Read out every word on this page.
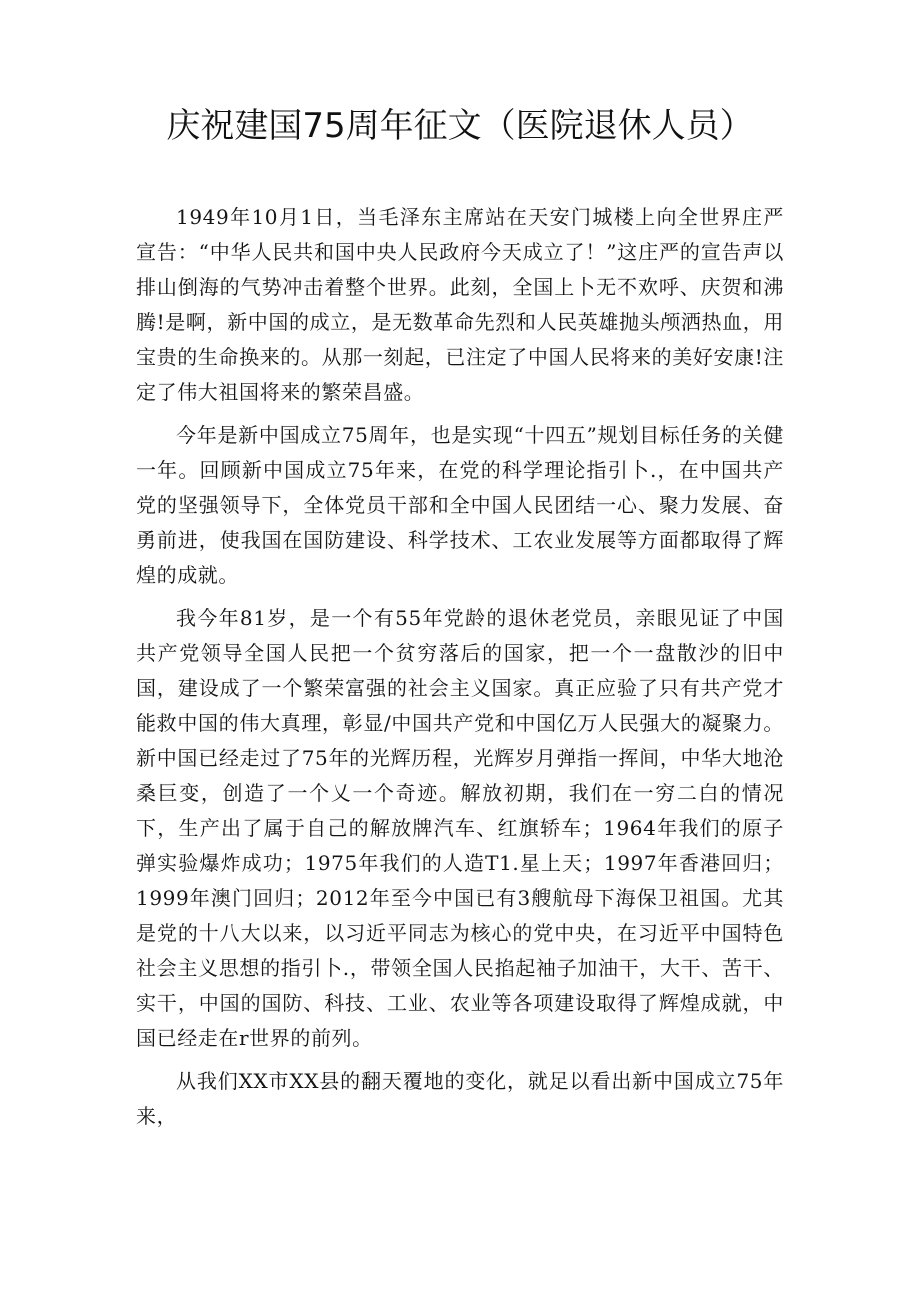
庆祝建国75周年征文（医院退休人员）

1949年10月1日，当毛泽东主席站在天安门城楼上向全世界庄严宣告：“中华人民共和国中央人民政府今天成立了！”这庄严的宣告声以排山倒海的气势冲击着整个世界。此刻，全国上卜无不欢呼、庆贺和沸腾!是啊，新中国的成立，是无数革命先烈和人民英雄抛头颅洒热血，用宝贵的生命换来的。从那一刻起，已注定了中国人民将来的美好安康!注定了伟大祖国将来的繁荣昌盛。

今年是新中国成立75周年，也是实现“十四五”规划目标任务的关健一年。回顾新中国成立75年来，在党的科学理论指引卜.，在中国共产党的坚强领导下，全体党员干部和全中国人民团结一心、聚力发展、奋勇前进，使我国在国防建设、科学技术、工农业发展等方面都取得了辉煌的成就。

我今年81岁，是一个有55年党龄的退休老党员，亲眼见证了中国共产党领导全国人民把一个贫穷落后的国家，把一个一盘散沙的旧中国，建设成了一个繁荣富强的社会主义国家。真正应验了只有共产党才能救中国的伟大真理，彰显/中国共产党和中国亿万人民强大的凝聚力。新中国已经走过了75年的光辉历程，光辉岁月弹指一挥间，中华大地沧桑巨变，创造了一个乂一个奇迹。解放初期，我们在一穷二白的情况下，生产出了属于自己的解放牌汽车、红旗轿车；1964年我们的原子弹实验爆炸成功；1975年我们的人造T1.星上天；1997年香港回归；1999年澳门回归；2012年至今中国已有3艘航母下海保卫祖国。尤其是党的十八大以来，以习近平同志为核心的党中央，在习近平中国特色社会主义思想的指引卜.，带领全国人民掐起袖子加油干，大干、苦干、实干，中国的国防、科技、工业、农业等各项建设取得了辉煌成就，中国已经走在r世界的前列。

从我们XX市XX县的翻天覆地的变化，就足以看出新中国成立75年来，
